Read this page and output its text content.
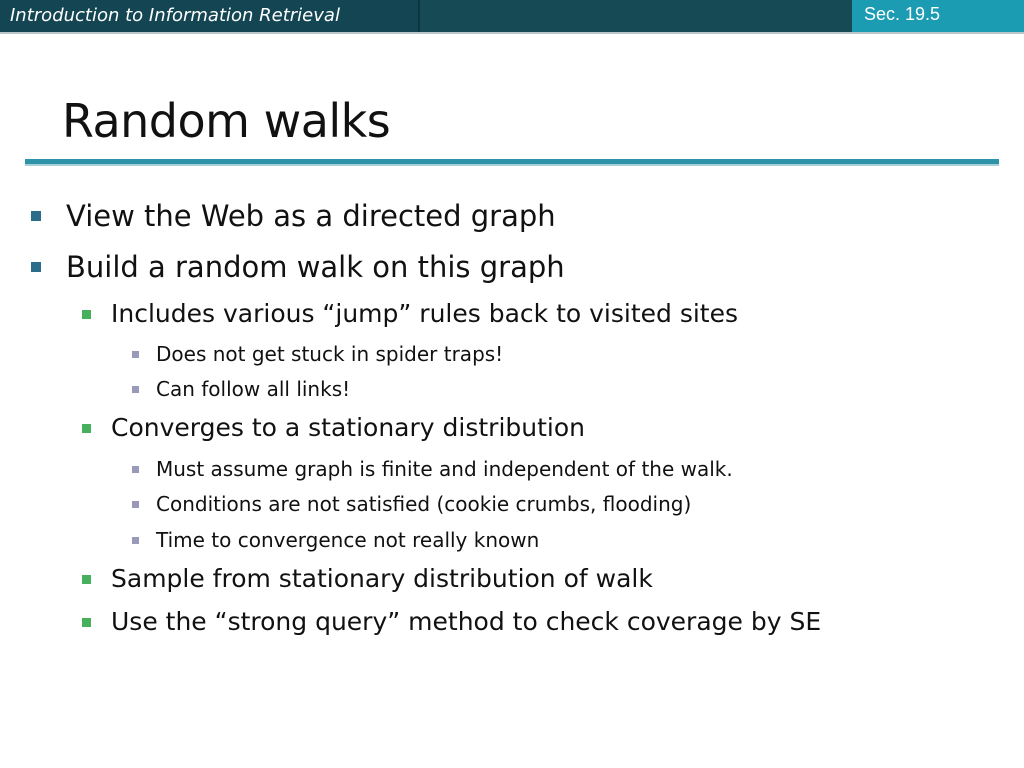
Introduction to Information Retrieval	Sec. 19.5
Random walks
View the Web as a directed graph
Build a random walk on this graph
Includes various “jump” rules back to visited sites
Does not get stuck in spider traps!
Can follow all links!
Converges to a stationary distribution
Must assume graph is finite and independent of the walk.
Conditions are not satisfied (cookie crumbs, flooding)
Time to convergence not really known
Sample from stationary distribution of walk
Use the “strong query” method to check coverage by SE
